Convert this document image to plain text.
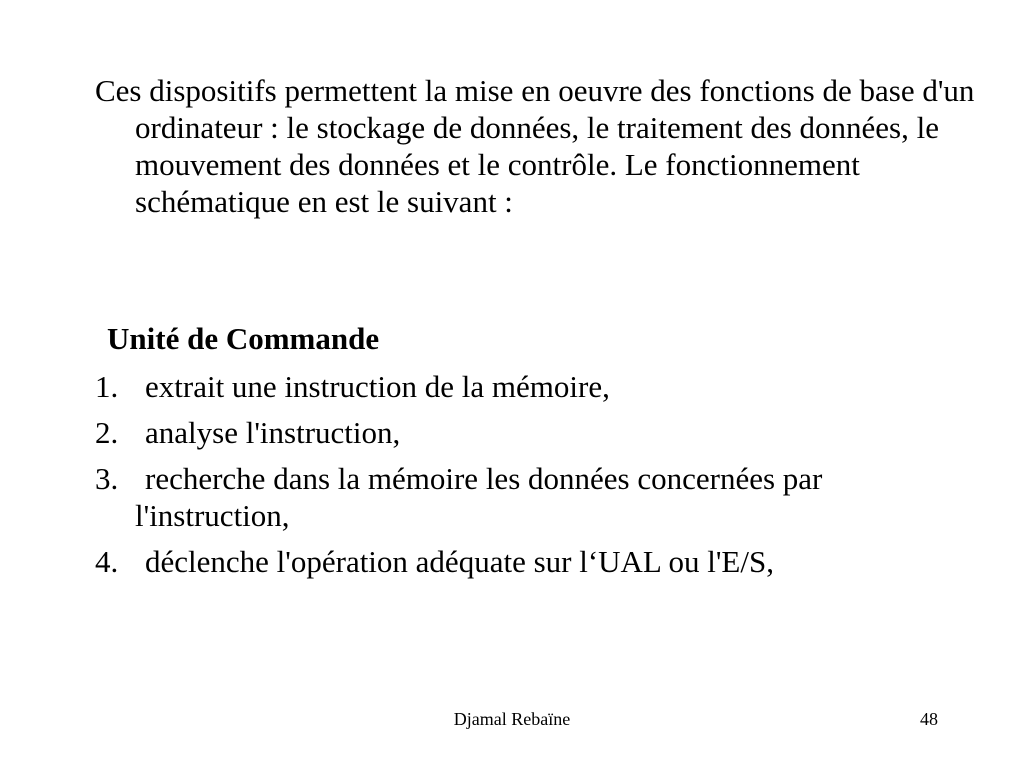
Ces dispositifs permettent la mise en oeuvre des fonctions de base d'un ordinateur : le stockage de données, le traitement des données, le mouvement des données et le contrôle. Le fonctionnement schématique en est le suivant :
Unité de Commande
1. extrait une instruction de la mémoire,
2. analyse l'instruction,
3. recherche dans la mémoire les données concernées par l'instruction,
4. déclenche l'opération adéquate sur l‘UAL ou l'E/S,
Djamal Rebaïne	48
